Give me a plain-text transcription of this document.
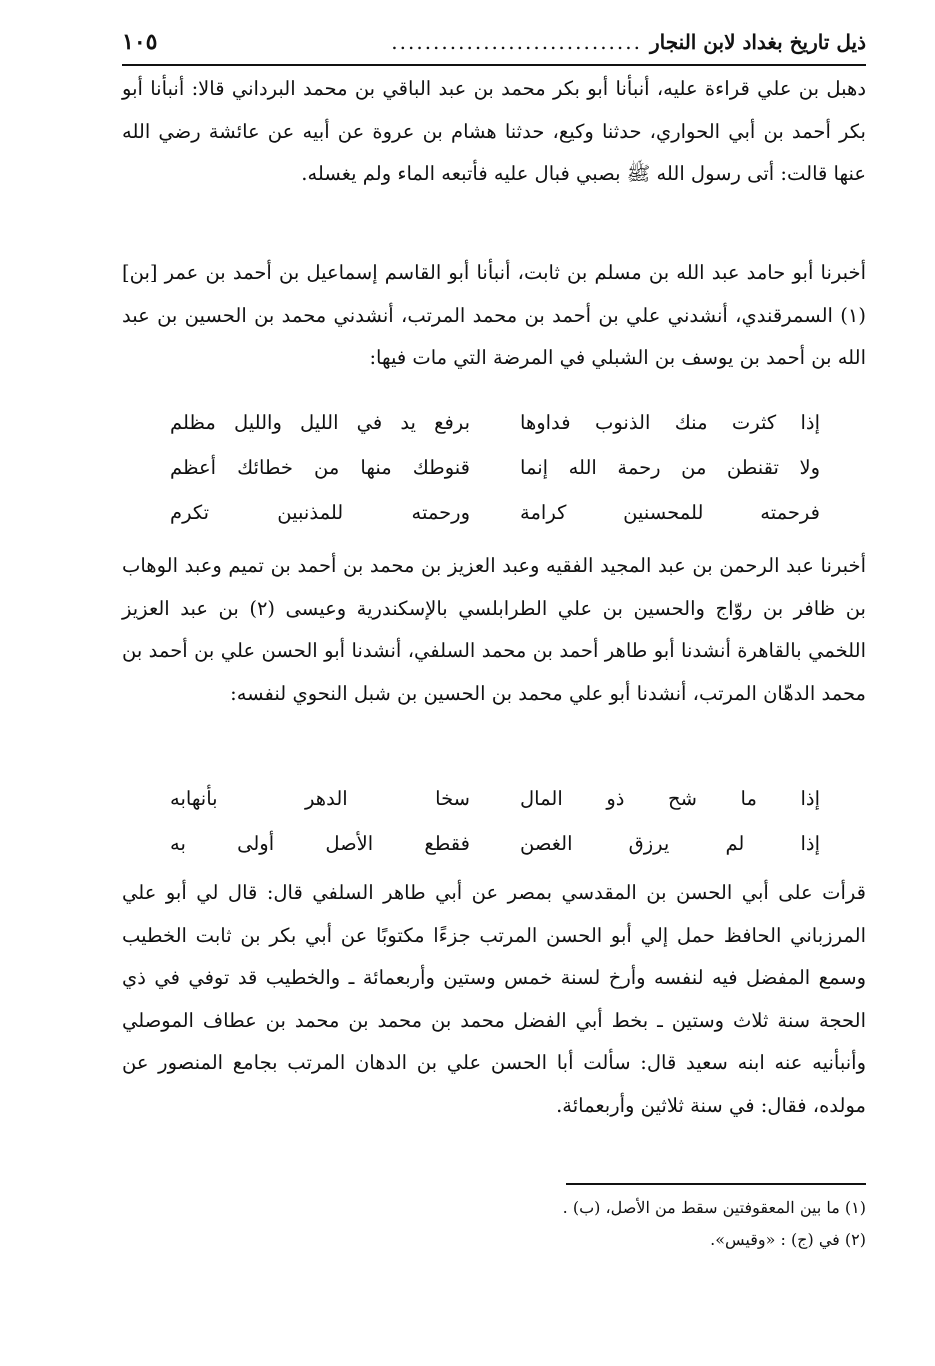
ذيل تاريخ بغداد لابن النجار
..............................
١٠٥

دهبل بن علي قراءة عليه، أنبأنا أبو بكر محمد بن عبد الباقي بن محمد البرداني قالا: أنبأنا أبو بكر أحمد بن أبي الحواري، حدثنا وكيع، حدثنا هشام بن عروة عن أبيه عن عائشة رضي الله عنها قالت: أتى رسول الله ﷺ بصبي فبال عليه فأتبعه الماء ولم يغسله.

أخبرنا أبو حامد عبد الله بن مسلم بن ثابت، أنبأنا أبو القاسم إسماعيل بن أحمد بن عمر [بن] (١) السمرقندي، أنشدني علي بن أحمد بن محمد المرتب، أنشدني محمد بن الحسين بن عبد الله بن أحمد بن يوسف بن الشبلي في المرضة التي مات فيها:

إذا كثرت منك الذنوب فداوها
برفع يد في الليل والليل مظلم
ولا تقنطن من رحمة الله إنما
قنوطك منها من خطائك أعظم
فرحمته للمحسنين كرامة
ورحمته للمذنبين تكرم

أخبرنا عبد الرحمن بن عبد المجيد الفقيه وعبد العزيز بن محمد بن أحمد بن تميم وعبد الوهاب بن ظافر بن روّاج والحسين بن علي الطرابلسي بالإسكندرية وعيسى (٢) بن عبد العزيز اللخمي بالقاهرة أنشدنا أبو طاهر أحمد بن محمد السلفي، أنشدنا أبو الحسن علي بن أحمد بن محمد الدهّان المرتب، أنشدنا أبو علي محمد بن الحسين بن شبل النحوي لنفسه:

إذا ما شح ذو المال
سخا الدهر بأنهابه
إذا لم يرزق الغصن
فقطع الأصل أولى به

قرأت على أبي الحسن بن المقدسي بمصر عن أبي طاهر السلفي قال: قال لي أبو علي المرزباني الحافظ حمل إلي أبو الحسن المرتب جزءًا مكتوبًا عن أبي بكر بن ثابت الخطيب وسمع المفضل فيه لنفسه وأرخ لسنة خمس وستين وأربعمائة ـ والخطيب قد توفي في ذي الحجة سنة ثلاث وستين ـ بخط أبي الفضل محمد بن محمد بن محمد بن عطاف الموصلي وأنبأنيه عنه ابنه سعيد قال: سألت أبا الحسن علي بن الدهان المرتب بجامع المنصور عن مولده، فقال: في سنة ثلاثين وأربعمائة.

(١) ما بين المعقوفتين سقط من الأصل، (ب) .

(٢) في (ج) : «وقيس».
